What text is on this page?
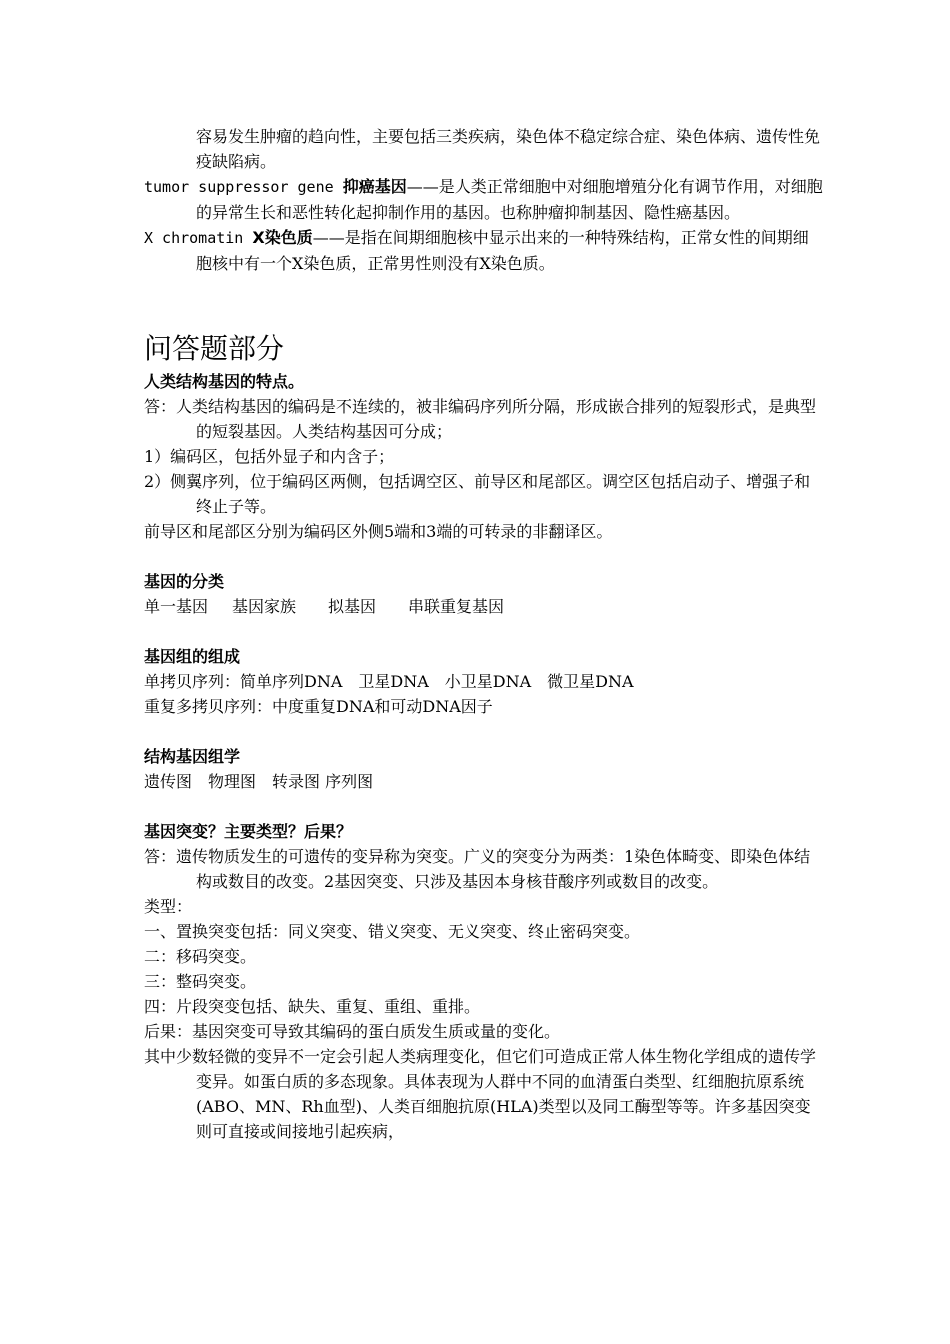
容易发生肿瘤的趋向性，主要包括三类疾病，染色体不稳定综合症、染色体病、遗传性免疫缺陷病。

tumor suppressor gene 抑癌基因——是人类正常细胞中对细胞增殖分化有调节作用，对细胞的异常生长和恶性转化起抑制作用的基因。也称肿瘤抑制基因、隐性癌基因。

X chromatin X染色质——是指在间期细胞核中显示出来的一种特殊结构，正常女性的间期细胞核中有一个X染色质，正常男性则没有X染色质。

问答题部分

人类结构基因的特点。

答：人类结构基因的编码是不连续的，被非编码序列所分隔，形成嵌合排列的短裂形式，是典型的短裂基因。人类结构基因可分成；

1）编码区，包括外显子和内含子；

2）侧翼序列，位于编码区两侧，包括调空区、前导区和尾部区。调空区包括启动子、增强子和终止子等。

前导区和尾部区分别为编码区外侧5端和3端的可转录的非翻译区。

基因的分类

单一基因 基因家族 拟基因 串联重复基因

基因组的组成

单拷贝序列：简单序列DNA　卫星DNA　小卫星DNA　微卫星DNA

重复多拷贝序列：中度重复DNA和可动DNA因子

结构基因组学

遗传图　物理图　转录图 序列图

基因突变？主要类型？后果？

答：遗传物质发生的可遗传的变异称为突变。广义的突变分为两类：1染色体畸变、即染色体结构或数目的改变。2基因突变、只涉及基因本身核苷酸序列或数目的改变。

类型：

一、置换突变包括：同义突变、错义突变、无义突变、终止密码突变。

二：移码突变。

三：整码突变。

四：片段突变包括、缺失、重复、重组、重排。

后果：基因突变可导致其编码的蛋白质发生质或量的变化。

其中少数轻微的变异不一定会引起人类病理变化，但它们可造成正常人体生物化学组成的遗传学变异。如蛋白质的多态现象。具体表现为人群中不同的血清蛋白类型、红细胞抗原系统(ABO、MN、Rh血型)、人类百细胞抗原(HLA)类型以及同工酶型等等。许多基因突变则可直接或间接地引起疾病，
